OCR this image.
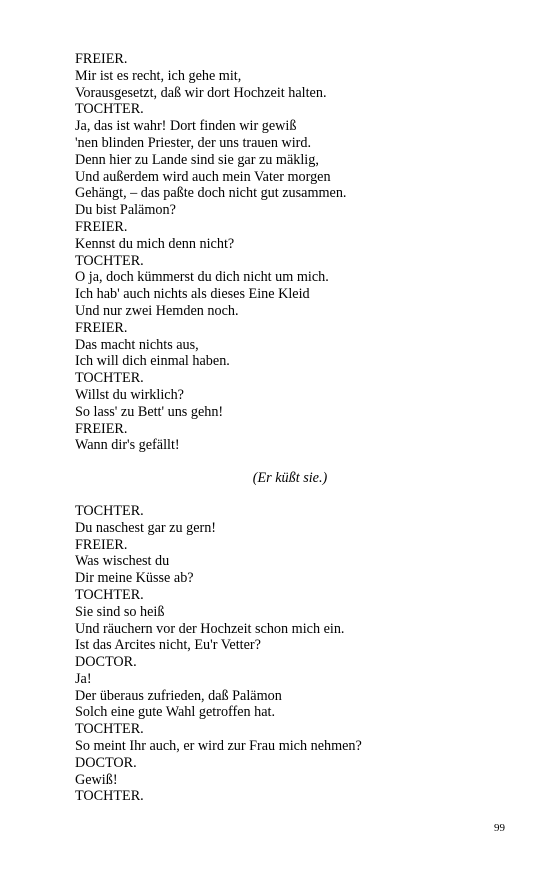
FREIER.
Mir ist es recht, ich gehe mit,
Vorausgesetzt, daß wir dort Hochzeit halten.
TOCHTER.
Ja, das ist wahr! Dort finden wir gewiß
'nen blinden Priester, der uns trauen wird.
Denn hier zu Lande sind sie gar zu mäklig,
Und außerdem wird auch mein Vater morgen
Gehängt, – das paßte doch nicht gut zusammen.
Du bist Palämon?
FREIER.
Kennst du mich denn nicht?
TOCHTER.
O ja, doch kümmerst du dich nicht um mich.
Ich hab' auch nichts als dieses Eine Kleid
Und nur zwei Hemden noch.
FREIER.
Das macht nichts aus,
Ich will dich einmal haben.
TOCHTER.
Willst du wirklich?
So lass' zu Bett' uns gehn!
FREIER.
Wann dir's gefällt!
(Er küßt sie.)
TOCHTER.
Du naschest gar zu gern!
FREIER.
Was wischest du
Dir meine Küsse ab?
TOCHTER.
Sie sind so heiß
Und räuchern vor der Hochzeit schon mich ein.
Ist das Arcites nicht, Eu'r Vetter?
DOCTOR.
Ja!
Der überaus zufrieden, daß Palämon
Solch eine gute Wahl getroffen hat.
TOCHTER.
So meint Ihr auch, er wird zur Frau mich nehmen?
DOCTOR.
Gewiß!
TOCHTER.
99
